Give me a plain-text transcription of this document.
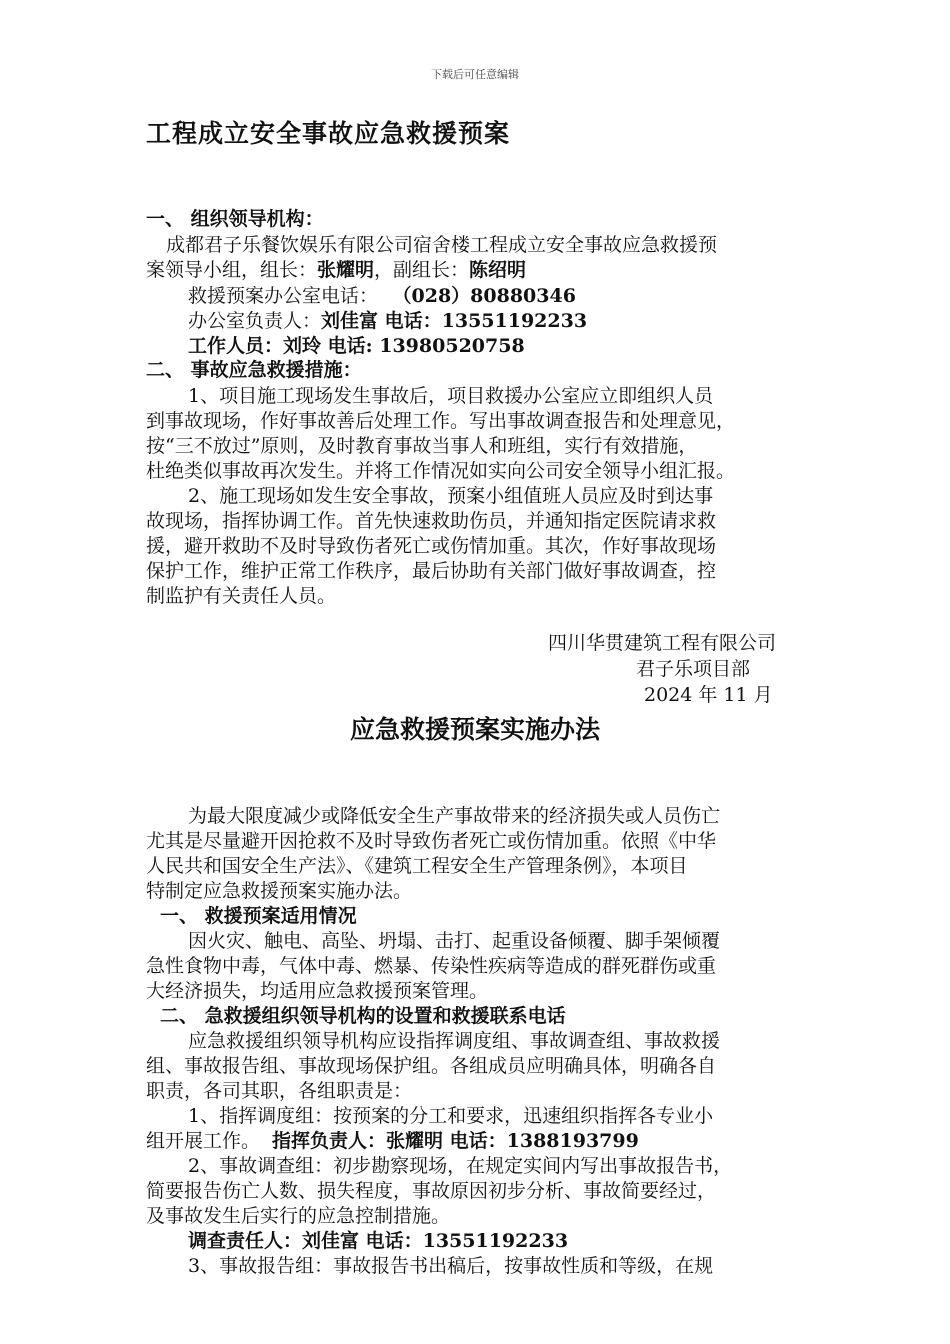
下载后可任意编辑
工程成立安全事故应急救援预案
一、 组织领导机构：
成都君子乐餐饮娱乐有限公司宿舍楼工程成立安全事故应急救援预
案领导小组，组长：张耀明，副组长：陈绍明
救援预案办公室电话： （028）80880346
办公室负责人：刘佳富 电话：13551192233
工作人员：刘玲 电话: 13980520758
二、 事故应急救援措施：
1、项目施工现场发生事故后，项目救援办公室应立即组织人员
到事故现场，作好事故善后处理工作。写出事故调查报告和处理意见，
按“三不放过”原则，及时教育事故当事人和班组，实行有效措施，
杜绝类似事故再次发生。并将工作情况如实向公司安全领导小组汇报。
2、施工现场如发生安全事故，预案小组值班人员应及时到达事
故现场，指挥协调工作。首先快速救助伤员，并通知指定医院请求救
援，避开救助不及时导致伤者死亡或伤情加重。其次，作好事故现场
保护工作，维护正常工作秩序，最后协助有关部门做好事故调查，控
制监护有关责任人员。
四川华贯建筑工程有限公司
君子乐项目部
2024 年 11 月
应急救援预案实施办法
为最大限度减少或降低安全生产事故带来的经济损失或人员伤亡
尤其是尽量避开因抢救不及时导致伤者死亡或伤情加重。依照《中华
人民共和国安全生产法》、《建筑工程安全生产管理条例》，本项目
特制定应急救援预案实施办法。
一、 救援预案适用情况
因火灾、触电、高坠、坍塌、击打、起重设备倾覆、脚手架倾覆
急性食物中毒，气体中毒、燃暴、传染性疾病等造成的群死群伤或重
大经济损失，均适用应急救援预案管理。
二、 急救援组织领导机构的设置和救援联系电话
应急救援组织领导机构应设指挥调度组、事故调查组、事故救援
组、事故报告组、事故现场保护组。各组成员应明确具体，明确各自
职责，各司其职，各组职责是：
1、指挥调度组：按预案的分工和要求，迅速组织指挥各专业小
组开展工作。 指挥负责人：张耀明 电话：1388193799
2、事故调查组：初步勘察现场，在规定实间内写出事故报告书，
简要报告伤亡人数、损失程度，事故原因初步分析、事故简要经过，
及事故发生后实行的应急控制措施。
调查责任人：刘佳富 电话：13551192233
3、事故报告组：事故报告书出稿后，按事故性质和等级，在规
